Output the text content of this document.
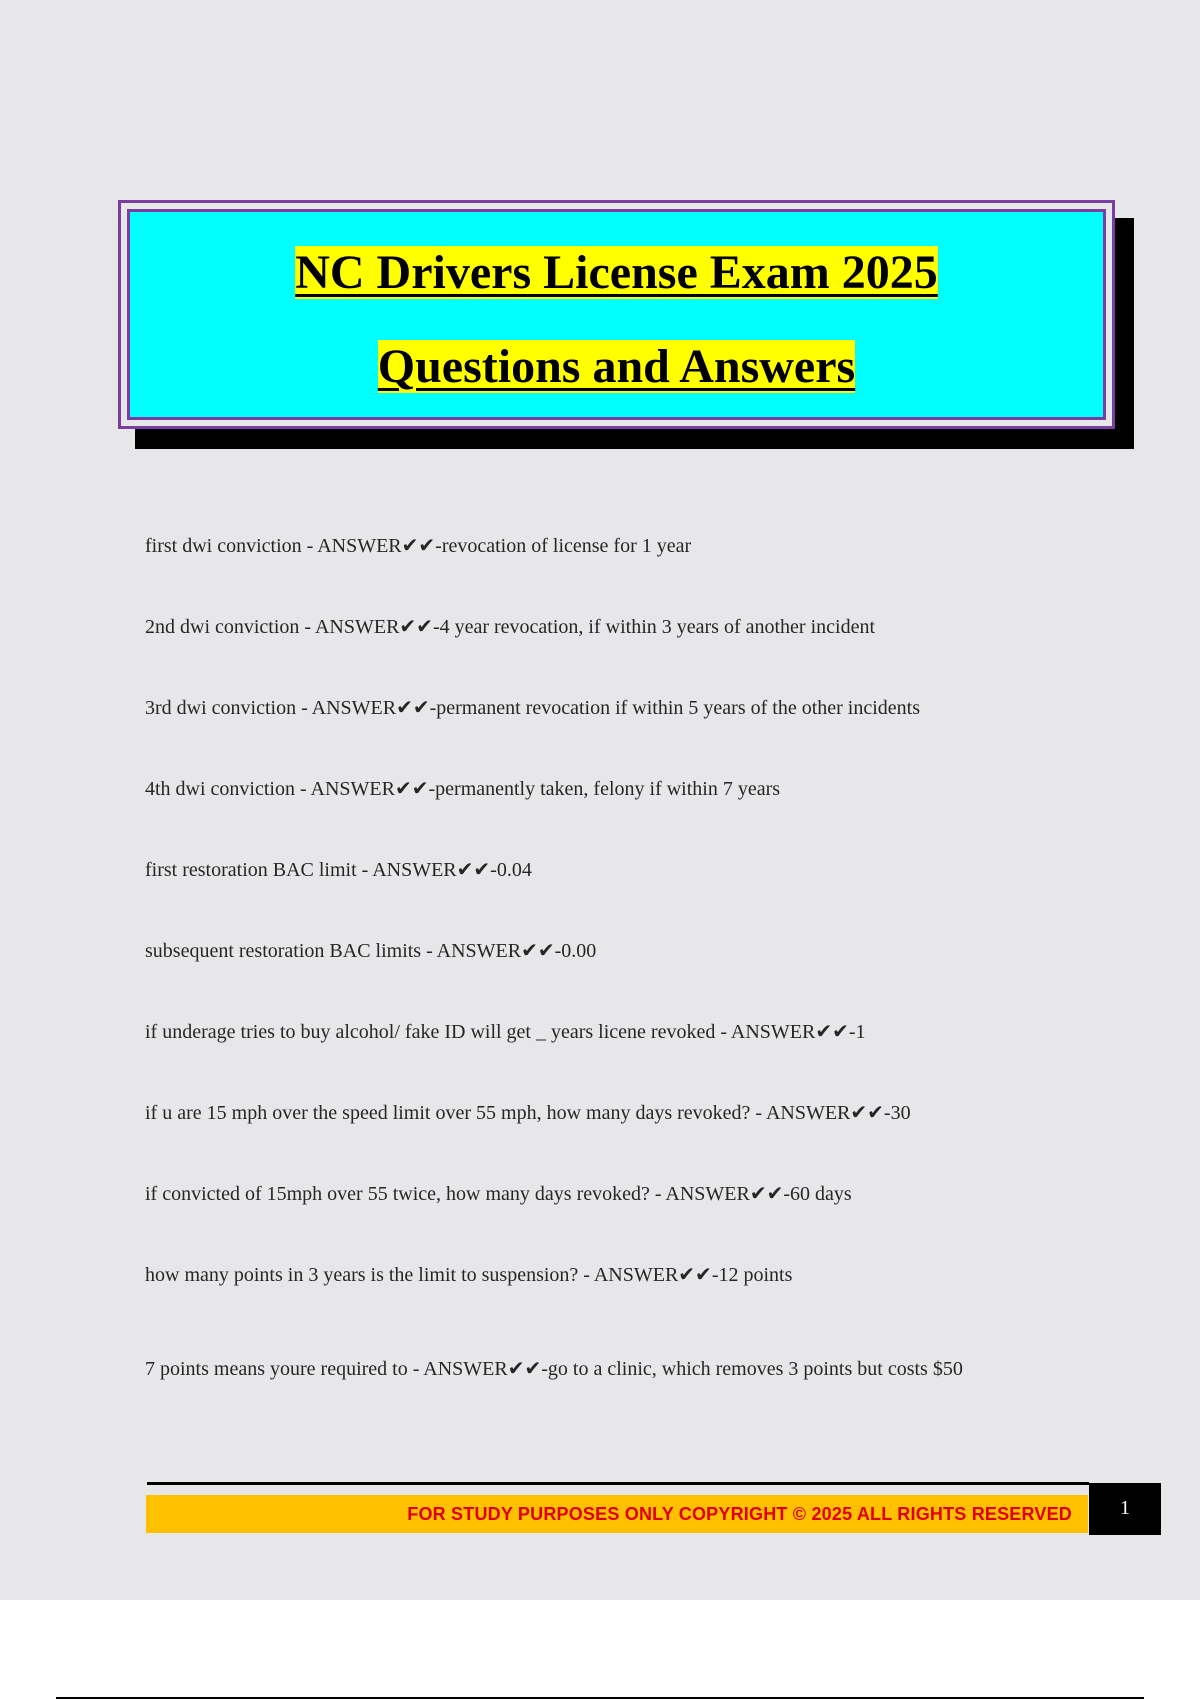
NC Drivers License Exam 2025
Questions and Answers
first dwi conviction - ANSWER✔✔-revocation of license for 1 year
2nd dwi conviction - ANSWER✔✔-4 year revocation, if within 3 years of another incident
3rd dwi conviction - ANSWER✔✔-permanent revocation if within 5 years of the other incidents
4th dwi conviction - ANSWER✔✔-permanently taken, felony if within 7 years
first restoration BAC limit - ANSWER✔✔-0.04
subsequent restoration BAC limits - ANSWER✔✔-0.00
if underage tries to buy alcohol/ fake ID will get _ years licene revoked - ANSWER✔✔-1
if u are 15 mph over the speed limit over 55 mph, how many days revoked? - ANSWER✔✔-30
if convicted of 15mph over 55 twice, how many days revoked? - ANSWER✔✔-60 days
how many points in 3 years is the limit to suspension? - ANSWER✔✔-12 points
7 points means youre required to - ANSWER✔✔-go to a clinic, which removes 3 points but costs $50
FOR STUDY PURPOSES ONLY COPYRIGHT © 2025 ALL RIGHTS RESERVED	1
